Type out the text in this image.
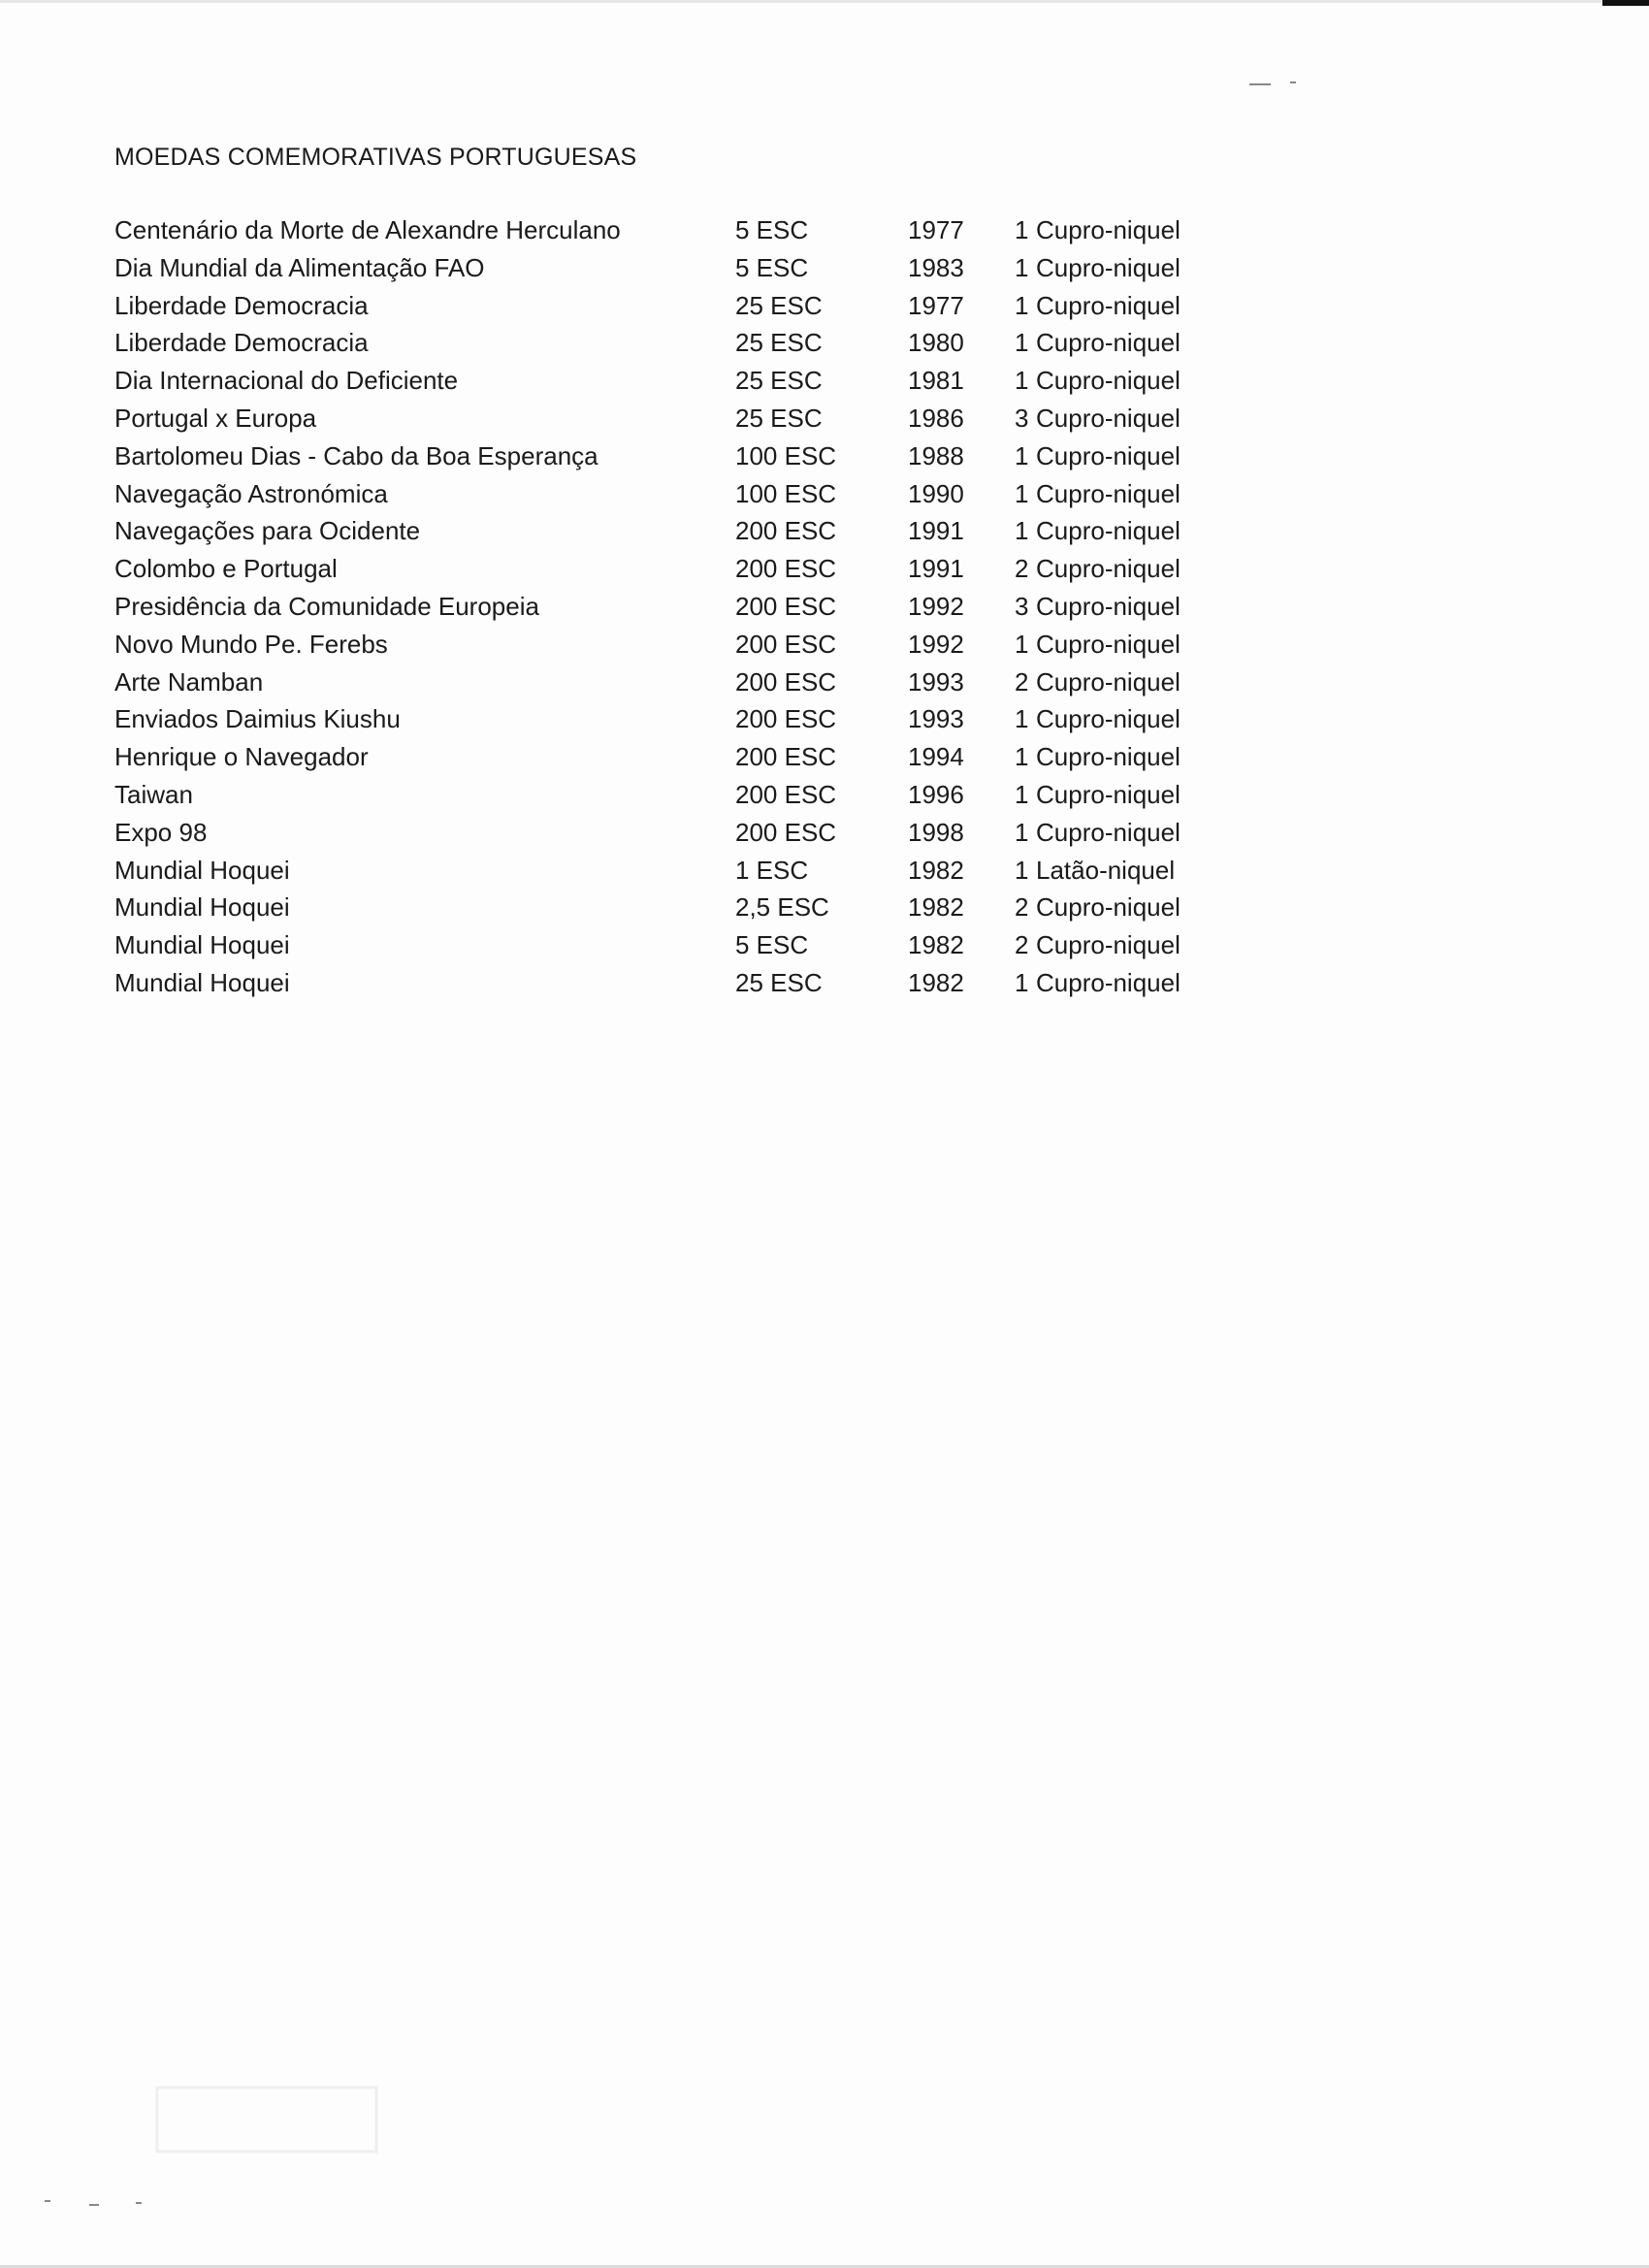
MOEDAS COMEMORATIVAS PORTUGUESAS
Centenário da Morte de Alexandre Herculano	5 ESC	1977 1 Cupro-niquel
Dia Mundial da Alimentação FAO	5 ESC	1983 1 Cupro-niquel
Liberdade Democracia	25 ESC	1977 1 Cupro-niquel
Liberdade Democracia	25 ESC	1980 1 Cupro-niquel
Dia Internacional do Deficiente	25 ESC	1981 1 Cupro-niquel
Portugal x Europa	25 ESC	1986 3 Cupro-niquel
Bartolomeu Dias - Cabo da Boa Esperança	100 ESC	1988 1 Cupro-niquel
Navegação Astronómica	100 ESC	1990 1 Cupro-niquel
Navegações para Ocidente	200 ESC	1991 1 Cupro-niquel
Colombo e Portugal	200 ESC	1991 2 Cupro-niquel
Presidência da Comunidade Europeia	200 ESC	1992 3 Cupro-niquel
Novo Mundo Pe. Ferebs	200 ESC	1992 1 Cupro-niquel
Arte Namban	200 ESC	1993 2 Cupro-niquel
Enviados Daimius Kiushu	200 ESC	1993 1 Cupro-niquel
Henrique o Navegador	200 ESC	1994 1 Cupro-niquel
Taiwan	200 ESC	1996 1 Cupro-niquel
Expo 98	200 ESC	1998 1 Cupro-niquel
Mundial Hoquei	1 ESC	1982 1 Latão-niquel
Mundial Hoquei	2,5 ESC	1982 2 Cupro-niquel
Mundial Hoquei	5 ESC	1982 2 Cupro-niquel
Mundial Hoquei	25 ESC	1982 1 Cupro-niquel
